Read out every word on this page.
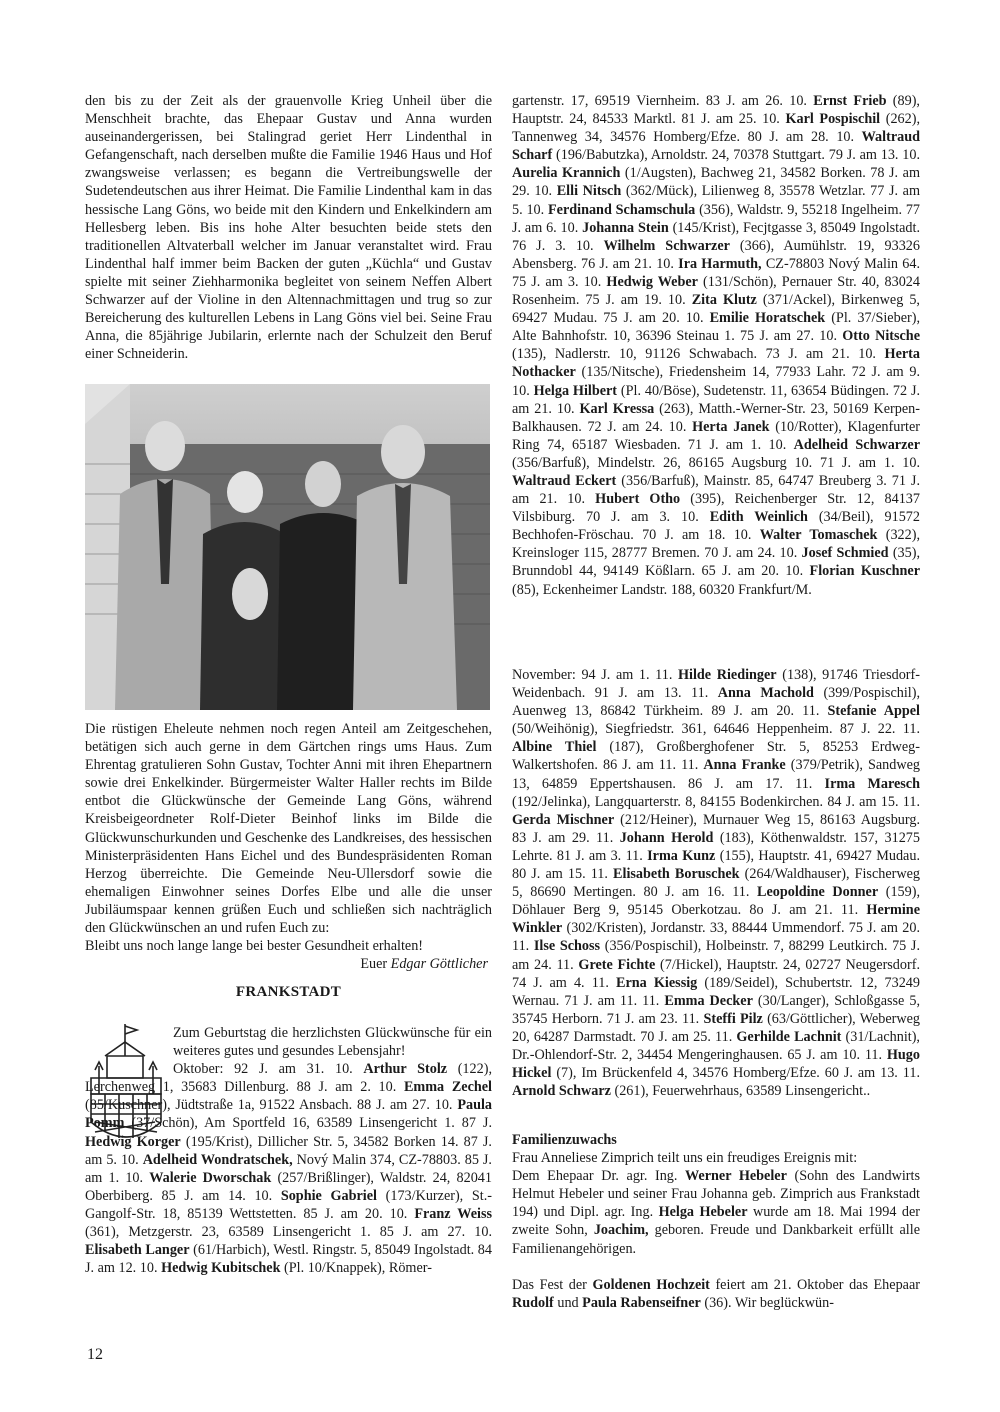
den bis zu der Zeit als der grauenvolle Krieg Unheil über die Menschheit brachte, das Ehepaar Gustav und Anna wurden auseinandergerissen, bei Stalingrad geriet Herr Lindenthal in Gefangenschaft, nach derselben mußte die Familie 1946 Haus und Hof zwangsweise verlassen; es begann die Vertreibungswelle der Sudetendeutschen aus ihrer Heimat. Die Familie Lindenthal kam in das hessische Lang Göns, wo beide mit den Kindern und Enkelkindern am Hellesberg leben. Bis ins hohe Alter besuchten beide stets den traditionellen Altvaterball welcher im Januar veranstaltet wird. Frau Lindenthal half immer beim Backen der guten „Küchla“ und Gustav spielte mit seiner Ziehharmonika begleitet von seinem Neffen Albert Schwarzer auf der Violine in den Altennachmittagen und trug so zur Bereicherung des kulturellen Lebens in Lang Göns viel bei. Seine Frau Anna, die 85jährige Jubilarin, erlernte nach der Schulzeit den Beruf einer Schneiderin.

Die rüstigen Eheleute nehmen noch regen Anteil am Zeitgeschehen, betätigen sich auch gerne in dem Gärtchen rings ums Haus. Zum Ehrentag gratulieren Sohn Gustav, Tochter Anni mit ihren Ehepartnern sowie drei Enkelkinder. Bürgermeister Walter Haller rechts im Bilde entbot die Glückwünsche der Gemeinde Lang Göns, während Kreisbeigeordneter Rolf-Dieter Beinhof links im Bilde die Glückwunschurkunden und Geschenke des Landkreises, des hessischen Ministerpräsidenten Hans Eichel und des Bundespräsidenten Roman Herzog überreichte. Die Gemeinde Neu-Ullersdorf sowie die ehemaligen Einwohner seines Dorfes Elbe und alle die unser Jubiläumspaar kennen grüßen Euch und schließen sich nachträglich den Glückwünschen an und rufen Euch zu:

Bleibt uns noch lange lange bei bester Gesundheit erhalten!

Euer Edgar Göttlicher

FRANKSTADT

Zum Geburtstag die herzlichsten Glückwünsche für ein weiteres gutes und gesundes Lebensjahr!

Oktober: 92 J. am 31. 10. Arthur Stolz (122), Lerchenweg 1, 35683 Dillenburg. 88 J. am 2. 10. Emma Zechel (85/Kuschner), Jüdtstraße 1a, 91522 Ansbach. 88 J. am 27. 10. Paula Pomm (37/Schön), Am Sportfeld 16, 63589 Linsengericht 1. 87 J. Hedwig Korger (195/Krist), Dillicher Str. 5, 34582 Borken 14. 87 J. am 5. 10. Adelheid Wondratschek, Nový Malin 374, CZ-78803. 85 J. am 1. 10. Walerie Dworschak (257/Brißlinger), Waldstr. 24, 82041 Oberbiberg. 85 J. am 14. 10. Sophie Gabriel (173/Kurzer), St.-Gangolf-Str. 18, 85139 Wettstetten. 85 J. am 20. 10. Franz Weiss (361), Metzgerstr. 23, 63589 Linsengericht 1. 85 J. am 27. 10. Elisabeth Langer (61/Harbich), Westl. Ringstr. 5, 85049 Ingolstadt. 84 J. am 12. 10. Hedwig Kubitschek (Pl. 10/Knappek), Römer-

gartenstr. 17, 69519 Viernheim. 83 J. am 26. 10. Ernst Frieb (89), Hauptstr. 24, 84533 Marktl. 81 J. am 25. 10. Karl Pospischil (262), Tannenweg 34, 34576 Homberg/Efze. 80 J. am 28. 10. Waltraud Scharf (196/Babutzka), Arnoldstr. 24, 70378 Stuttgart. 79 J. am 13. 10. Aurelia Krannich (1/Augsten), Bachweg 21, 34582 Borken. 78 J. am 29. 10. Elli Nitsch (362/Mück), Lilienweg 8, 35578 Wetzlar. 77 J. am 5. 10. Ferdinand Schamschula (356), Waldstr. 9, 55218 Ingelheim. 77 J. am 6. 10. Johanna Stein (145/Krist), Fecjtgasse 3, 85049 Ingolstadt. 76 J. 3. 10. Wilhelm Schwarzer (366), Aumühlstr. 19, 93326 Abensberg. 76 J. am 21. 10. Ira Harmuth, CZ-78803 Nový Malin 64. 75 J. am 3. 10. Hedwig Weber (131/Schön), Pernauer Str. 40, 83024 Rosenheim. 75 J. am 19. 10. Zita Klutz (371/Ackel), Birkenweg 5, 69427 Mudau. 75 J. am 20. 10. Emilie Horatschek (Pl. 37/Sieber), Alte Bahnhofstr. 10, 36396 Steinau 1. 75 J. am 27. 10. Otto Nitsche (135), Nadlerstr. 10, 91126 Schwabach. 73 J. am 21. 10. Herta Nothacker (135/Nitsche), Friedensheim 14, 77933 Lahr. 72 J. am 9. 10. Helga Hilbert (Pl. 40/Böse), Sudetenstr. 11, 63654 Büdingen. 72 J. am 21. 10. Karl Kressa (263), Matth.-Werner-Str. 23, 50169 Kerpen-Balkhausen. 72 J. am 24. 10. Herta Janek (10/Rotter), Klagenfurter Ring 74, 65187 Wiesbaden. 71 J. am 1. 10. Adelheid Schwarzer (356/Barfuß), Mindelstr. 26, 86165 Augsburg 10. 71 J. am 1. 10. Waltraud Eckert (356/Barfuß), Mainstr. 85, 64747 Breuberg 3. 71 J. am 21. 10. Hubert Otho (395), Reichenberger Str. 12, 84137 Vilsbiburg. 70 J. am 3. 10. Edith Weinlich (34/Beil), 91572 Bechhofen-Fröschau. 70 J. am 18. 10. Walter Tomaschek (322), Kreinsloger 115, 28777 Bremen. 70 J. am 24. 10. Josef Schmied (35), Brunndobl 44, 94149 Kößlarn. 65 J. am 20. 10. Florian Kuschner (85), Eckenheimer Landstr. 188, 60320 Frankfurt/M.

November: 94 J. am 1. 11. Hilde Riedinger (138), 91746 Triesdorf-Weidenbach. 91 J. am 13. 11. Anna Machold (399/Pospischil), Auenweg 13, 86842 Türkheim. 89 J. am 20. 11. Stefanie Appel (50/Weihönig), Siegfriedstr. 361, 64646 Heppenheim. 87 J. 22. 11. Albine Thiel (187), Großberghofener Str. 5, 85253 Erdweg-Walkertshofen. 86 J. am 11. 11. Anna Franke (379/Petrik), Sandweg 13, 64859 Eppertshausen. 86 J. am 17. 11. Irma Maresch (192/Jelinka), Langquarterstr. 8, 84155 Bodenkirchen. 84 J. am 15. 11. Gerda Mischner (212/Heiner), Murnauer Weg 15, 86163 Augsburg. 83 J. am 29. 11. Johann Herold (183), Köthenwaldstr. 157, 31275 Lehrte. 81 J. am 3. 11. Irma Kunz (155), Hauptstr. 41, 69427 Mudau. 80 J. am 15. 11. Elisabeth Boruschek (264/Waldhauser), Fischerweg 5, 86690 Mertingen. 80 J. am 16. 11. Leopoldine Donner (159), Döhlauer Berg 9, 95145 Oberkotzau. 8o J. am 21. 11. Hermine Winkler (302/Kristen), Jordanstr. 33, 88444 Ummendorf. 75 J. am 20. 11. Ilse Schoss (356/Pospischil), Holbeinstr. 7, 88299 Leutkirch. 75 J. am 24. 11. Grete Fichte (7/Hickel), Hauptstr. 24, 02727 Neugersdorf. 74 J. am 4. 11. Erna Kiessig (189/Seidel), Schubertstr. 12, 73249 Wernau. 71 J. am 11. 11. Emma Decker (30/Langer), Schloßgasse 5, 35745 Herborn. 71 J. am 23. 11. Steffi Pilz (63/Göttlicher), Weberweg 20, 64287 Darmstadt. 70 J. am 25. 11. Gerhilde Lachnit (31/Lachnit), Dr.-Ohlendorf-Str. 2, 34454 Mengeringhausen. 65 J. am 10. 11. Hugo Hickel (7), Im Brückenfeld 4, 34576 Homberg/Efze. 60 J. am 13. 11. Arnold Schwarz (261), Feuerwehrhaus, 63589 Linsengericht..

Familienzuwachs

Frau Anneliese Zimprich teilt uns ein freudiges Ereignis mit:

Dem Ehepaar Dr. agr. Ing. Werner Hebeler (Sohn des Landwirts Helmut Hebeler und seiner Frau Johanna geb. Zimprich aus Frankstadt 194) und Dipl. agr. Ing. Helga Hebeler wurde am 18. Mai 1994 der zweite Sohn, Joachim, geboren. Freude und Dankbarkeit erfüllt alle Familienangehörigen.

Das Fest der Goldenen Hochzeit feiert am 21. Oktober das Ehepaar Rudolf und Paula Rabenseifner (36). Wir beglückwün-

12
